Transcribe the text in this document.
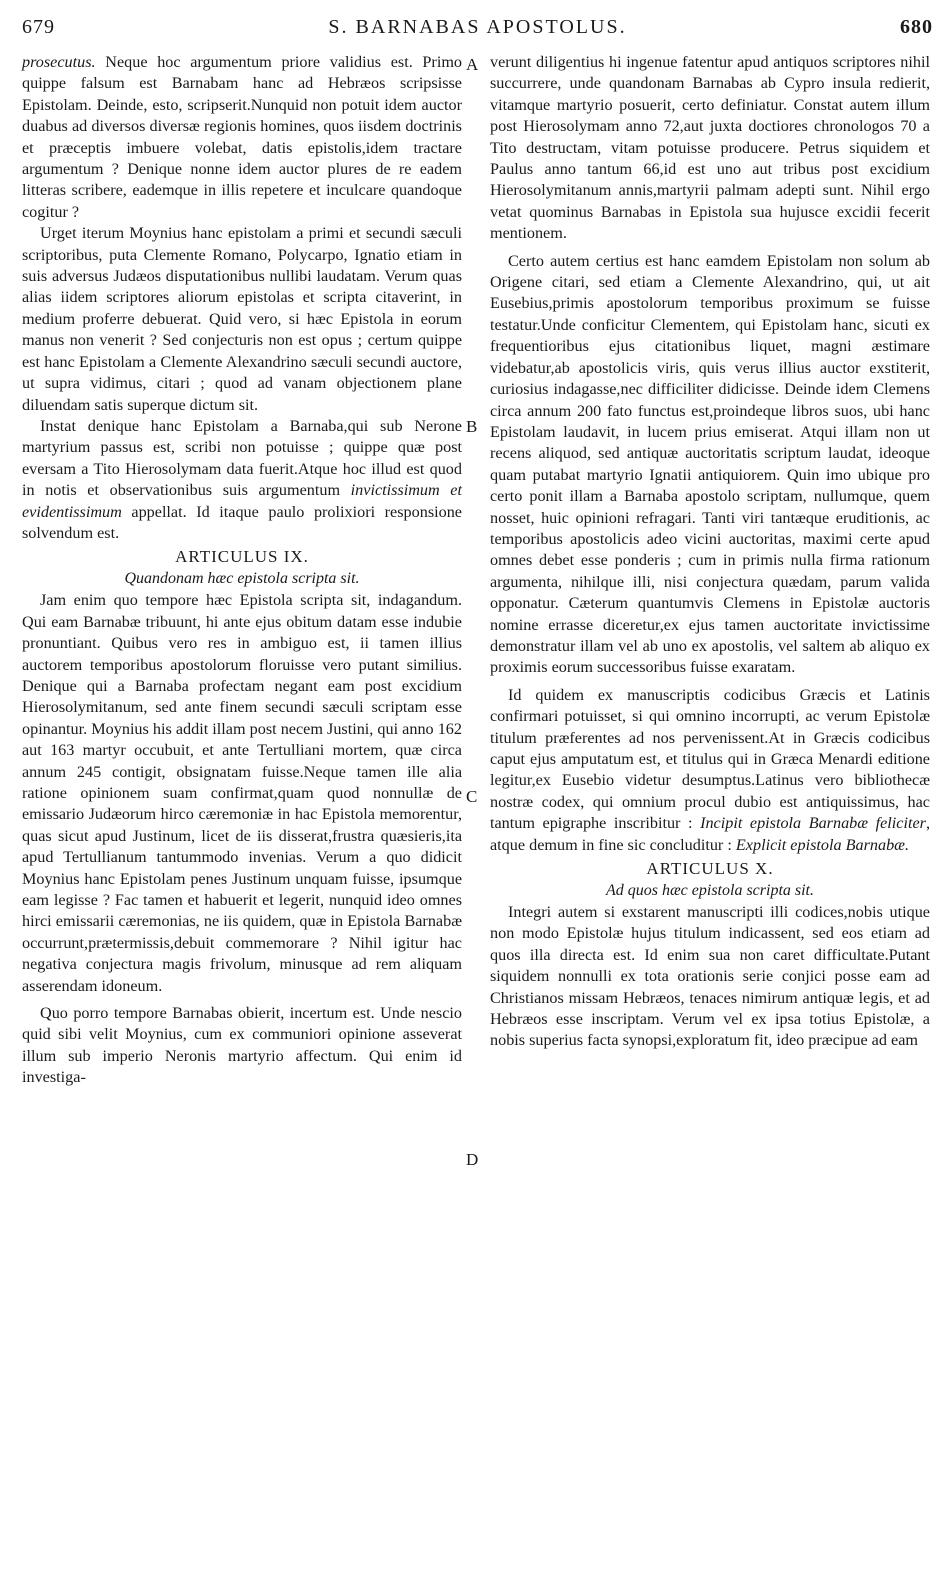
679	S. BARNABAS APOSTOLUS.	680
A
B
C
D

prosecutus. Neque hoc argumentum priore validius est. Primo quippe falsum est Barnabam hanc ad Hebræos scripsisse Epistolam. Deinde, esto, scripserit.Nunquid non potuit idem auctor duabus ad diversos diversæ regionis homines, quos iisdem doctrinis et præceptis imbuere volebat, datis epistolis,idem tractare argumentum ? Denique nonne idem auctor plures de re eadem litteras scribere, eademque in illis repetere et inculcare quandoque cogitur ?

Urget iterum Moynius hanc epistolam a primi et secundi sæculi scriptoribus, puta Clemente Romano, Polycarpo, Ignatio etiam in suis adversus Judæos disputationibus nullibi laudatam. Verum quas alias iidem scriptores aliorum epistolas et scripta citaverint, in medium proferre debuerat. Quid vero, si hæc Epistola in eorum manus non venerit ? Sed conjecturis non est opus ; certum quippe est hanc Epistolam a Clemente Alexandrino sæculi secundi auctore, ut supra vidimus, citari ; quod ad vanam objectionem plane diluendam satis superque dictum sit.

Instat denique hanc Epistolam a Barnaba,qui sub Nerone martyrium passus est, scribi non potuisse ; quippe quæ post eversam a Tito Hierosolymam data fuerit.Atque hoc illud est quod in notis et observationibus suis argumentum invictissimum et evidentissimum appellat. Id itaque paulo prolixiori responsione solvendum est.

ARTICULUS IX.
Quandonam hæc epistola scripta sit.

Jam enim quo tempore hæc Epistola scripta sit, indagandum. Qui eam Barnabæ tribuunt, hi ante ejus obitum datam esse indubie pronuntiant. Quibus vero res in ambiguo est, ii tamen illius auctorem temporibus apostolorum floruisse vero putant similius. Denique qui a Barnaba profectam negant eam post excidium Hierosolymitanum, sed ante finem secundi sæculi scriptam esse opinantur. Moynius his addit illam post necem Justini, qui anno 162 aut 163 martyr occubuit, et ante Tertulliani mortem, quæ circa annum 245 contigit, obsignatam fuisse.Neque tamen ille alia ratione opinionem suam confirmat,quam quod nonnullæ de emissario Judæorum hirco cæremoniæ in hac Epistola memorentur, quas sicut apud Justinum, licet de iis disserat,frustra quæsieris,ita apud Tertullianum tantummodo invenias. Verum a quo didicit Moynius hanc Epistolam penes Justinum unquam fuisse, ipsumque eam legisse ? Fac tamen et habuerit et legerit, nunquid ideo omnes hirci emissarii cæremonias, ne iis quidem, quæ in Epistola Barnabæ occurrunt,prætermissis,debuit commemorare ? Nihil igitur hac negativa conjectura magis frivolum, minusque ad rem aliquam asserendam idoneum.

Quo porro tempore Barnabas obierit, incertum est. Unde nescio quid sibi velit Moynius, cum ex communiori opinione asseverat illum sub imperio Neronis martyrio affectum. Qui enim id investiga-

verunt diligentius hi ingenue fatentur apud antiquos scriptores nihil succurrere, unde quandonam Barnabas ab Cypro insula redierit, vitamque martyrio posuerit, certo definiatur. Constat autem illum post Hierosolymam anno 72,aut juxta doctiores chronologos 70 a Tito destructam, vitam potuisse producere. Petrus siquidem et Paulus anno tantum 66,id est uno aut tribus post excidium Hierosolymitanum annis,martyrii palmam adepti sunt. Nihil ergo vetat quominus Barnabas in Epistola sua hujusce excidii fecerit mentionem.

Certo autem certius est hanc eamdem Epistolam non solum ab Origene citari, sed etiam a Clemente Alexandrino, qui, ut ait Eusebius,primis apostolorum temporibus proximum se fuisse testatur.Unde conficitur Clementem, qui Epistolam hanc, sicuti ex frequentioribus ejus citationibus liquet, magni æstimare videbatur,ab apostolicis viris, quis verus illius auctor exstiterit, curiosius indagasse,nec difficiliter didicisse. Deinde idem Clemens circa annum 200 fato functus est,proindeque libros suos, ubi hanc Epistolam laudavit, in lucem prius emiserat. Atqui illam non ut recens aliquod, sed antiquæ auctoritatis scriptum laudat, ideoque quam putabat martyrio Ignatii antiquiorem. Quin imo ubique pro certo ponit illam a Barnaba apostolo scriptam, nullumque, quem nosset, huic opinioni refragari. Tanti viri tantæque eruditionis, ac temporibus apostolicis adeo vicini auctoritas, maximi certe apud omnes debet esse ponderis ; cum in primis nulla firma rationum argumenta, nihilque illi, nisi conjectura quædam, parum valida opponatur. Cæterum quantumvis Clemens in Epistolæ auctoris nomine errasse diceretur,ex ejus tamen auctoritate invictissime demonstratur illam vel ab uno ex apostolis, vel saltem ab aliquo ex proximis eorum successoribus fuisse exaratam.

Id quidem ex manuscriptis codicibus Græcis et Latinis confirmari potuisset, si qui omnino incorrupti, ac verum Epistolæ titulum præferentes ad nos pervenissent.At in Græcis codicibus caput ejus amputatum est, et titulus qui in Græca Menardi editione legitur,ex Eusebio videtur desumptus.Latinus vero bibliothecæ nostræ codex, qui omnium procul dubio est antiquissimus, hac tantum epigraphe inscribitur : Incipit epistola Barnabæ feliciter, atque demum in fine sic concluditur : Explicit epistola Barnabæ.

ARTICULUS X.
Ad quos hæc epistola scripta sit.

Integri autem si exstarent manuscripti illi codices,nobis utique non modo Epistolæ hujus titulum indicassent, sed eos etiam ad quos illa directa est. Id enim sua non caret difficultate.Putant siquidem nonnulli ex tota orationis serie conjici posse eam ad Christianos missam Hebræos, tenaces nimirum antiquæ legis, et ad Hebræos esse inscriptam. Verum vel ex ipsa totius Epistolæ, a nobis superius facta synopsi,exploratum fit, ideo præcipue ad eam
